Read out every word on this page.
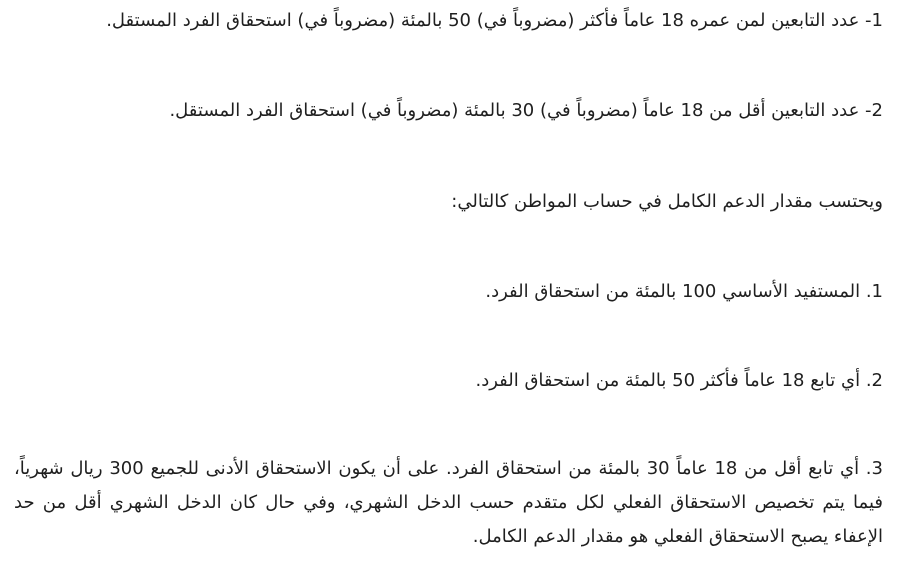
1- عدد التابعين لمن عمره 18 عاماً فأكثر (مضروباً في) 50 بالمئة (مضروباً في) استحقاق الفرد المستقل.

2- عدد التابعين أقل من 18 عاماً (مضروباً في) 30 بالمئة (مضروباً في) استحقاق الفرد المستقل.

ويحتسب مقدار الدعم الكامل في حساب المواطن كالتالي:

1. المستفيد الأساسي 100 بالمئة من استحقاق الفرد.

2. أي تابع 18 عاماً فأكثر 50 بالمئة من استحقاق الفرد.

3. أي تابع أقل من 18 عاماً 30 بالمئة من استحقاق الفرد. على أن يكون الاستحقاق الأدنى للجميع 300 ريال شهرياً، فيما يتم تخصيص الاستحقاق الفعلي لكل متقدم حسب الدخل الشهري، وفي حال كان الدخل الشهري أقل من حد الإعفاء يصبح الاستحقاق الفعلي هو مقدار الدعم الكامل.
